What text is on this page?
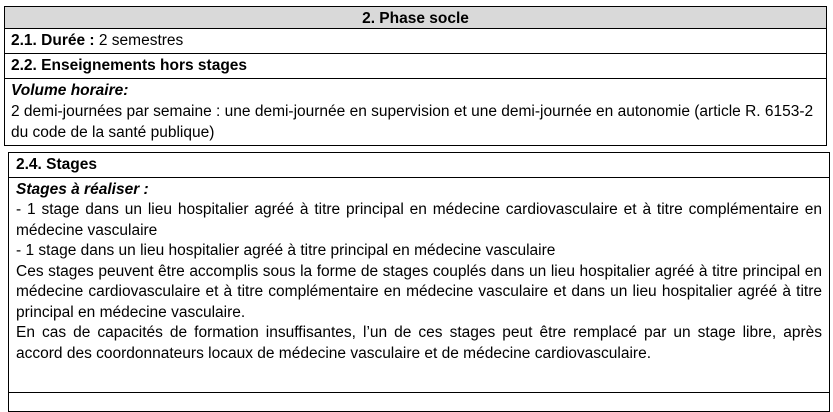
2. Phase socle
2.1. Durée : 2 semestres
2.2. Enseignements hors stages
Volume horaire:
2 demi-journées par semaine : une demi-journée en supervision et une demi-journée en autonomie (article R. 6153-2 du code de la santé publique)
2.4. Stages
Stages à réaliser :

- 1 stage dans un lieu hospitalier agréé à titre principal en médecine cardiovasculaire et à titre complémentaire en médecine vasculaire

- 1 stage dans un lieu hospitalier agréé à titre principal en médecine vasculaire

Ces stages peuvent être accomplis sous la forme de stages couplés dans un lieu hospitalier agréé à titre principal en médecine cardiovasculaire et à titre complémentaire en médecine vasculaire et dans un lieu hospitalier agréé à titre principal en médecine vasculaire.

En cas de capacités de formation insuffisantes, l’un de ces stages peut être remplacé par un stage libre, après accord des coordonnateurs locaux de médecine vasculaire et de médecine cardiovasculaire.
